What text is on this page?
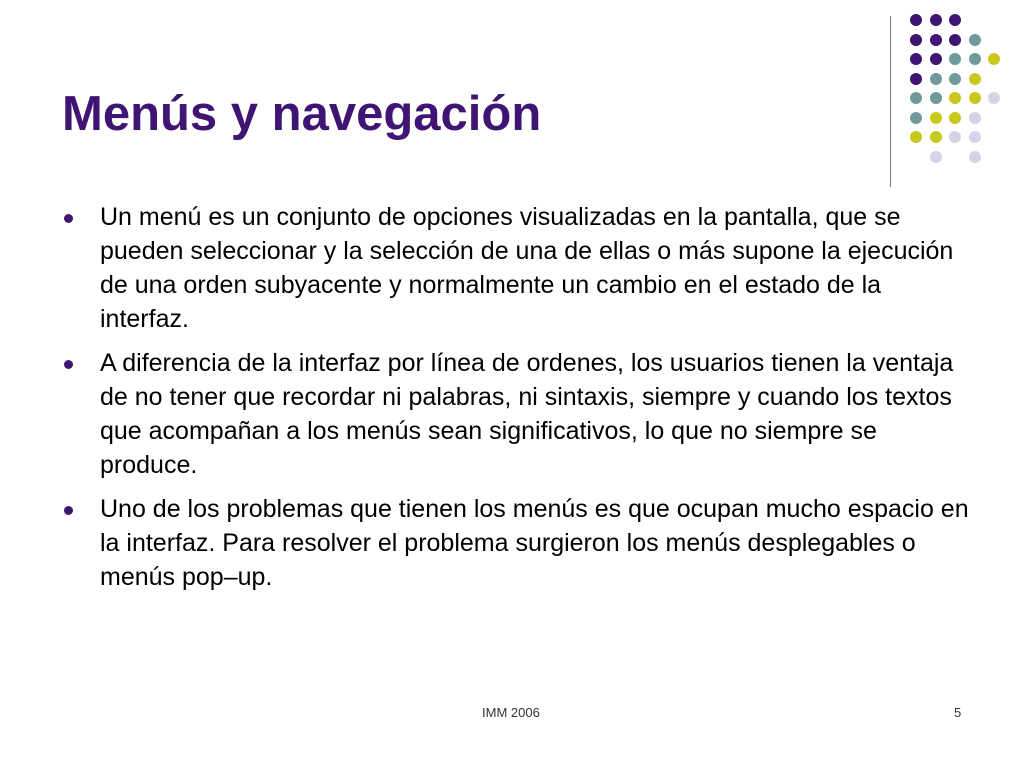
Menús y navegación
Un menú es un conjunto de opciones visualizadas en la pantalla, que se pueden seleccionar y la selección de una de ellas o más supone la ejecución de una orden subyacente y normalmente un cambio en el estado de la interfaz.
A diferencia de la interfaz por línea de ordenes, los usuarios tienen la ventaja de no tener que recordar ni palabras, ni sintaxis, siempre y cuando los textos que acompañan a los menús sean significativos, lo que no siempre se produce.
Uno de los problemas que tienen los menús es que ocupan mucho espacio en la interfaz. Para resolver el problema surgieron los menús desplegables o menús pop–up.
IMM 2006	5
